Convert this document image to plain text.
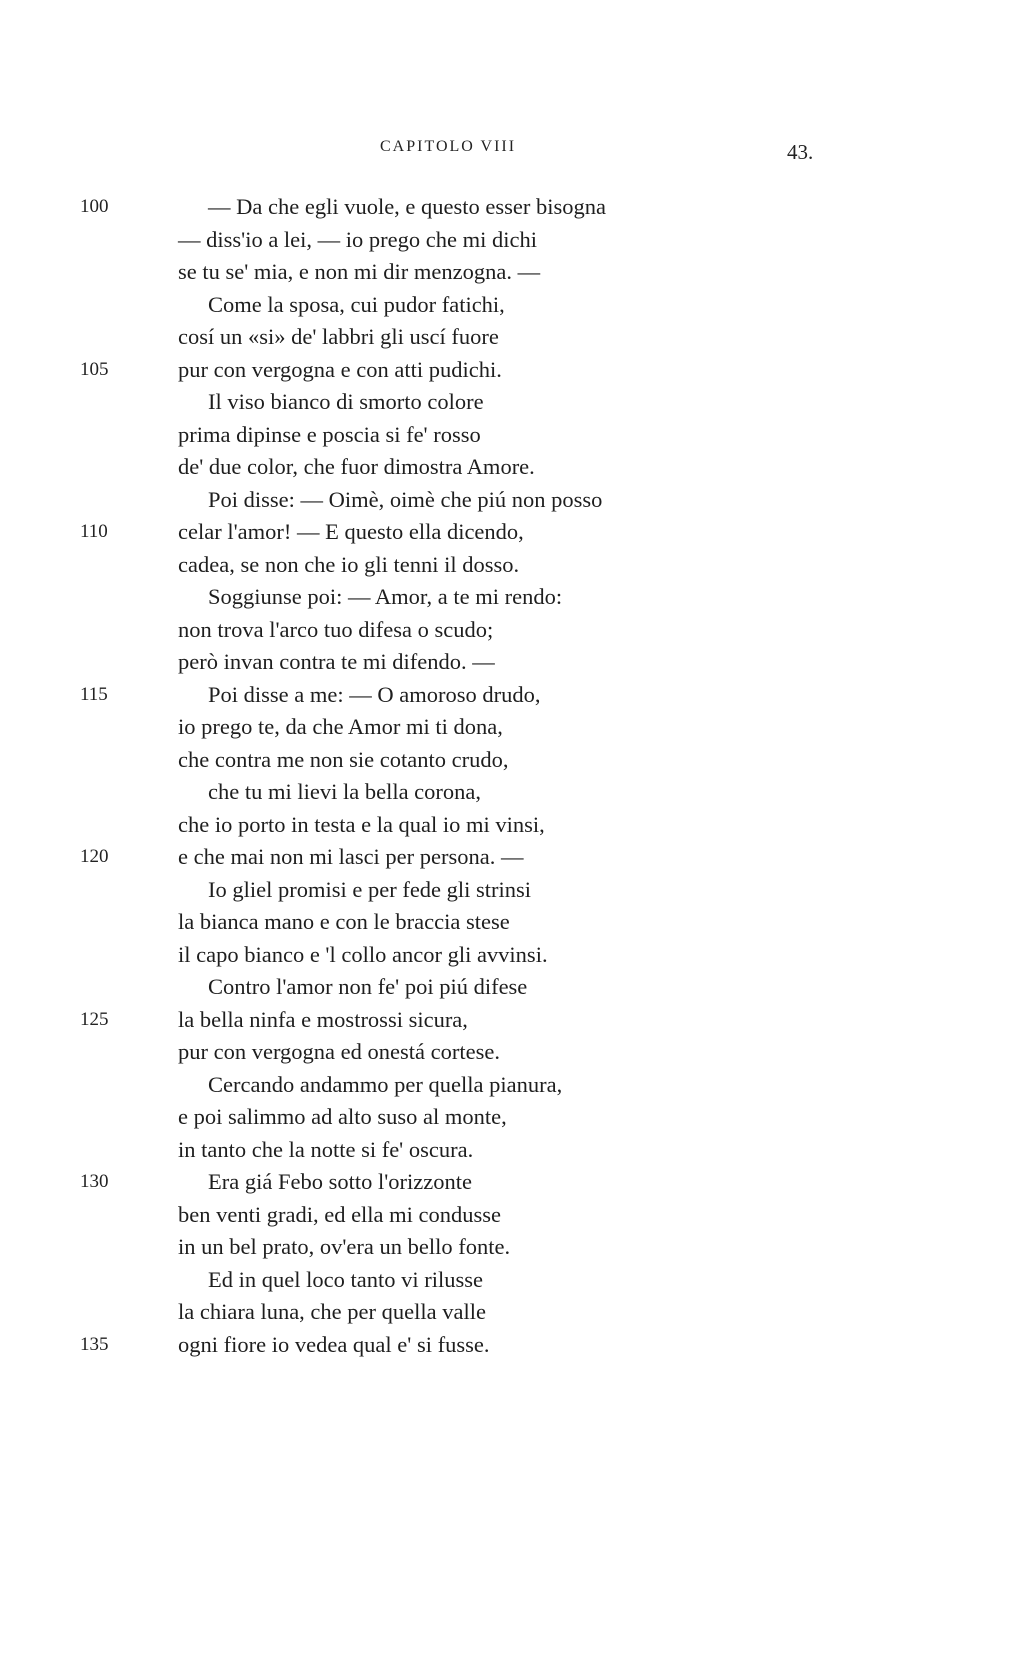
CAPITOLO VIII	43.
100	— Da che egli vuole, e questo esser bisogna
— diss'io a lei, — io prego che mi dichi
se tu se' mia, e non mi dir menzogna. —
Come la sposa, cui pudor fatichi,
cosí un «si» de' labbri gli uscí fuore
105	pur con vergogna e con atti pudichi.
Il viso bianco di smorto colore
prima dipinse e poscia si fe' rosso
de' due color, che fuor dimostra Amore.
Poi disse: — Oimè, oimè che piú non posso
110	celar l'amor! — E questo ella dicendo,
cadea, se non che io gli tenni il dosso.
Soggiunse poi: — Amor, a te mi rendo:
non trova l'arco tuo difesa o scudo;
però invan contra te mi difendo. —
115	Poi disse a me: — O amoroso drudo,
io prego te, da che Amor mi ti dona,
che contra me non sie cotanto crudo,
che tu mi lievi la bella corona,
che io porto in testa e la qual io mi vinsi,
120	e che mai non mi lasci per persona. —
Io gliel promisi e per fede gli strinsi
la bianca mano e con le braccia stese
il capo bianco e 'l collo ancor gli avvinsi.
Contro l'amor non fe' poi piú difese
125	la bella ninfa e mostrossi sicura,
pur con vergogna ed onestá cortese.
Cercando andammo per quella pianura,
e poi salimmo ad alto suso al monte,
in tanto che la notte si fe' oscura.
130	Era giá Febo sotto l'orizzonte
ben venti gradi, ed ella mi condusse
in un bel prato, ov'era un bello fonte.
Ed in quel loco tanto vi rilusse
la chiara luna, che per quella valle
135	ogni fiore io vedea qual e' si fusse.
